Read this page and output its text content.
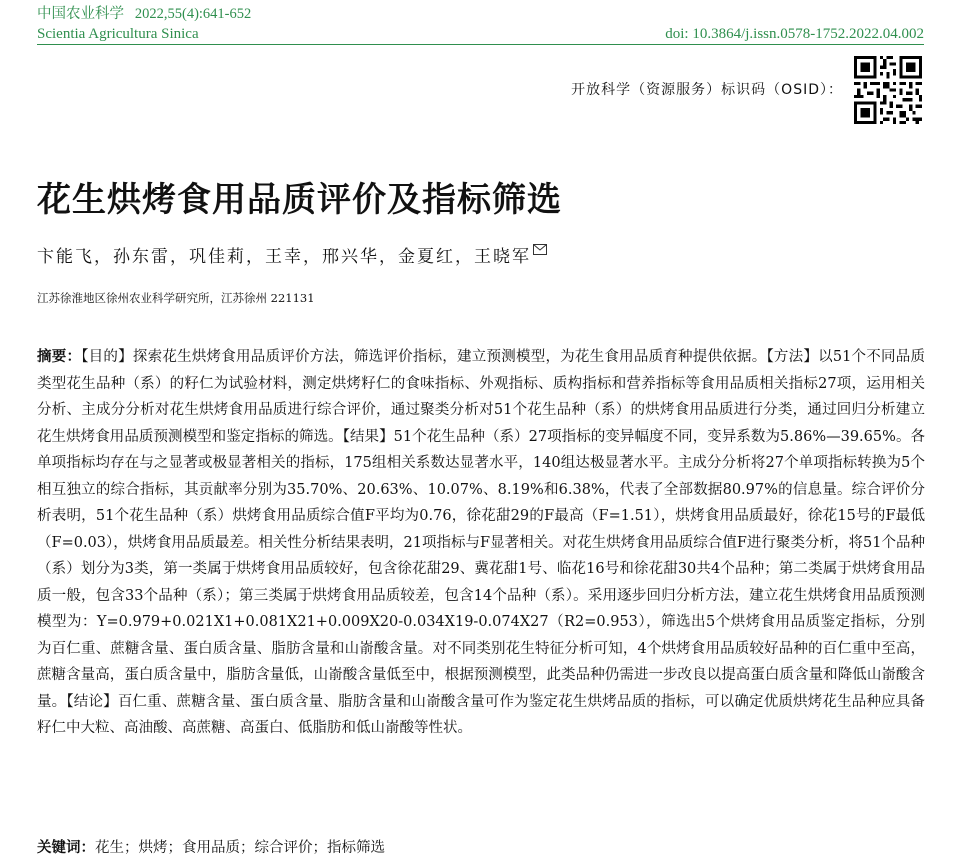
中国农业科学 2022,55(4):641-652
Scientia Agricultura Sinica	doi: 10.3864/j.issn.0578-1752.2022.04.002
开放科学（资源服务）标识码（OSID）：
花生烘烤食用品质评价及指标筛选
卞能飞，孙东雷，巩佳莉，王幸，邢兴华，金夏红，王晓军
江苏徐淮地区徐州农业科学研究所，江苏徐州 221131
摘要：【目的】探索花生烘烤食用品质评价方法，筛选评价指标，建立预测模型，为花生食用品质育种提供依据。【方法】以51个不同品质类型花生品种（系）的籽仁为试验材料，测定烘烤籽仁的食味指标、外观指标、质构指标和营养指标等食用品质相关指标27项，运用相关分析、主成分分析对花生烘烤食用品质进行综合评价，通过聚类分析对51个花生品种（系）的烘烤食用品质进行分类，通过回归分析建立花生烘烤食用品质预测模型和鉴定指标的筛选。【结果】51个花生品种（系）27项指标的变异幅度不同，变异系数为5.86%—39.65%。各单项指标均存在与之显著或极显著相关的指标，175组相关系数达显著水平，140组达极显著水平。主成分分析将27个单项指标转换为5个相互独立的综合指标，其贡献率分别为35.70%、20.63%、10.07%、8.19%和6.38%，代表了全部数据80.97%的信息量。综合评价分析表明，51个花生品种（系）烘烤食用品质综合值F平均为0.76，徐花甜29的F最高（F=1.51），烘烤食用品质最好，徐花15号的F最低（F=0.03），烘烤食用品质最差。相关性分析结果表明，21项指标与F显著相关。对花生烘烤食用品质综合值F进行聚类分析，将51个品种（系）划分为3类，第一类属于烘烤食用品质较好，包含徐花甜29、冀花甜1号、临花16号和徐花甜30共4个品种；第二类属于烘烤食用品质一般，包含33个品种（系）；第三类属于烘烤食用品质较差，包含14个品种（系）。采用逐步回归分析方法，建立花生烘烤食用品质预测模型为：Y=0.979+0.021X1+0.081X21+0.009X20-0.034X19-0.074X27（R2=0.953），筛选出5个烘烤食用品质鉴定指标，分别为百仁重、蔗糖含量、蛋白质含量、脂肪含量和山嵛酸含量。对不同类别花生特征分析可知，4个烘烤食用品质较好品种的百仁重中至高，蔗糖含量高，蛋白质含量中，脂肪含量低，山嵛酸含量低至中，根据预测模型，此类品种仍需进一步改良以提高蛋白质含量和降低山嵛酸含量。【结论】百仁重、蔗糖含量、蛋白质含量、脂肪含量和山嵛酸含量可作为鉴定花生烘烤品质的指标，可以确定优质烘烤花生品种应具备籽仁中大粒、高油酸、高蔗糖、高蛋白、低脂肪和低山嵛酸等性状。
关键词：花生；烘烤；食用品质；综合评价；指标筛选
